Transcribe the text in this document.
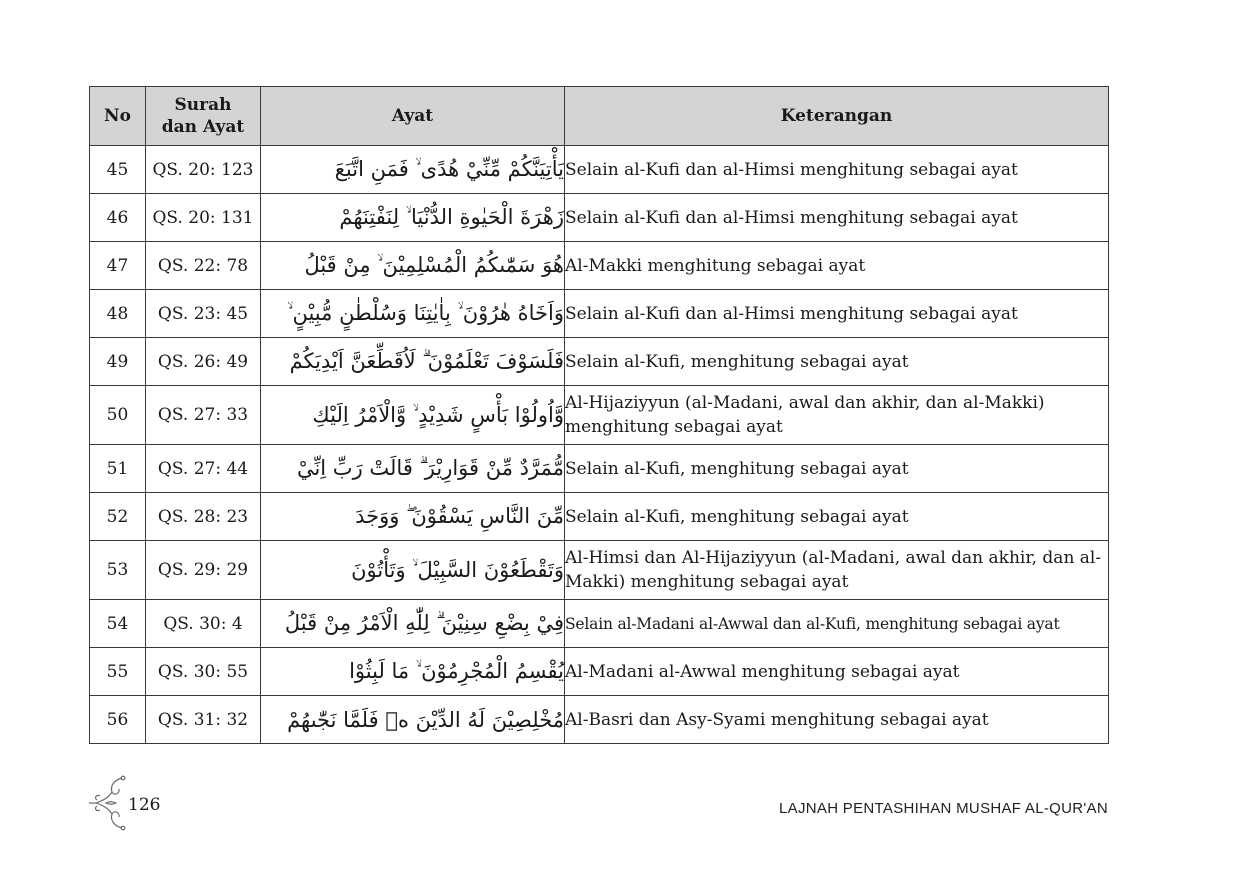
No	Surah dan Ayat	Ayat	Keterangan
45	QS. 20: 123	يَأْتِيَنَّكُمْ مِّنِّيْ هُدًى ۙ فَمَنِ اتَّبَعَ	Selain al-Kufi dan al-Himsi menghitung sebagai ayat
46	QS. 20: 131	زَهْرَةَ الْحَيٰوةِ الدُّنْيَا ۙ لِنَفْتِنَهُمْ	Selain al-Kufi dan al-Himsi menghitung sebagai ayat
47	QS. 22: 78	هُوَ سَمّٰىكُمُ الْمُسْلِمِيْنَ ۙ مِنْ قَبْلُ	Al-Makki menghitung sebagai ayat
48	QS. 23: 45	وَاَخَاهُ هٰرُوْنَ ۙ بِاٰيٰتِنَا وَسُلْطٰنٍ مُّبِيْنٍ ۙ	Selain al-Kufi dan al-Himsi menghitung sebagai ayat
49	QS. 26: 49	فَلَسَوْفَ تَعْلَمُوْنَ ۗ لَاُقَطِّعَنَّ اَيْدِيَكُمْ	Selain al-Kufi, menghitung sebagai ayat
50	QS. 27: 33	وَّاُولُوْا بَأْسٍ شَدِيْدٍ ۙ وَّالْاَمْرُ اِلَيْكِ	Al-Hijaziyyun (al-Madani, awal dan akhir, dan al-Makki) menghitung sebagai ayat
51	QS. 27: 44	مُّمَرَّدٌ مِّنْ قَوَارِيْرَ ۗ قَالَتْ رَبِّ اِنِّيْ	Selain al-Kufi, menghitung sebagai ayat
52	QS. 28: 23	مِّنَ النَّاسِ يَسْقُوْنَ ۖ وَوَجَدَ	Selain al-Kufi, menghitung sebagai ayat
53	QS. 29: 29	وَتَقْطَعُوْنَ السَّبِيْلَ ۙ وَتَأْتُوْنَ	Al-Himsi dan Al-Hijaziyyun (al-Madani, awal dan akhir, dan al-Makki) menghitung sebagai ayat
54	QS. 30: 4	فِيْ بِضْعِ سِنِيْنَ ۗ لِلّٰهِ الْاَمْرُ مِنْ قَبْلُ	Selain al-Madani al-Awwal dan al-Kufi, menghitung sebagai ayat
55	QS. 30: 55	يُقْسِمُ الْمُجْرِمُوْنَ ۙ مَا لَبِثُوْا	Al-Madani al-Awwal menghitung sebagai ayat
56	QS. 31: 32	مُخْلِصِيْنَ لَهُ الدِّيْنَ ەۚ فَلَمَّا نَجّٰىهُمْ	Al-Basri dan Asy-Syami menghitung sebagai ayat
126	LAJNAH PENTASHIHAN MUSHAF AL-QUR'AN
